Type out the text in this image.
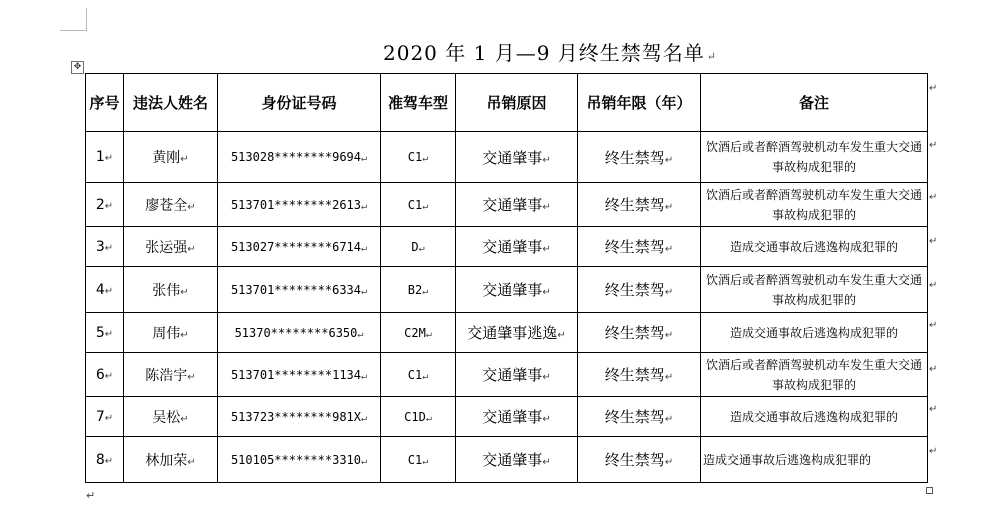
2020 年 1 月—9 月终生禁驾名单 ↵
✥
序号	违法人姓名	身份证号码	准驾车型	吊销原因	吊销年限（年）	备注
1↵	黄刚↵	513028********9694↵	C1↵	交通肇事↵	终生禁驾↵	饮酒后或者醉酒驾驶机动车发生重大交通事故构成犯罪的
2↵	廖苍全↵	513701********2613↵	C1↵	交通肇事↵	终生禁驾↵	饮酒后或者醉酒驾驶机动车发生重大交通事故构成犯罪的
3↵	张运强↵	513027********6714↵	D↵	交通肇事↵	终生禁驾↵	造成交通事故后逃逸构成犯罪的
4↵	张伟↵	513701********6334↵	B2↵	交通肇事↵	终生禁驾↵	饮酒后或者醉酒驾驶机动车发生重大交通事故构成犯罪的
5↵	周伟↵	51370********6350↵	C2M↵	交通肇事逃逸↵	终生禁驾↵	造成交通事故后逃逸构成犯罪的
6↵	陈浩宇↵	513701********1134↵	C1↵	交通肇事↵	终生禁驾↵	饮酒后或者醉酒驾驶机动车发生重大交通事故构成犯罪的
7↵	吴松↵	513723********981X↵	C1D↵	交通肇事↵	终生禁驾↵	造成交通事故后逃逸构成犯罪的
8↵	林加荣↵	510105********3310↵	C1↵	交通肇事↵	终生禁驾↵	造成交通事故后逃逸构成犯罪的
↵
↵
↵
↵
↵
↵
↵
↵
↵
↵
